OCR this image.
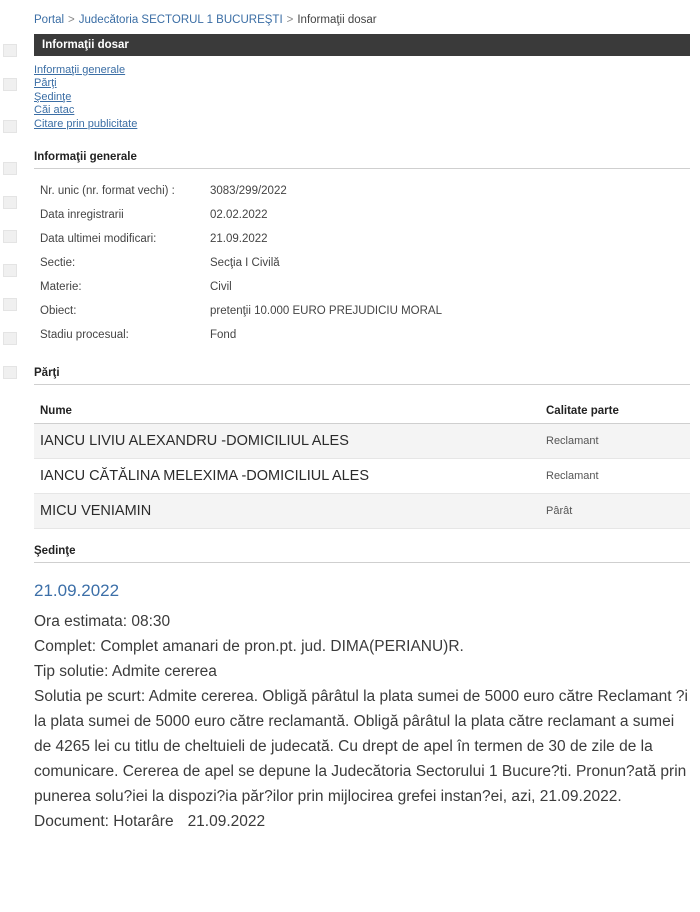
Portal > Judecătoria SECTORUL 1 BUCUREŞTI > Informaţii dosar
Informaţii dosar
Informaţii generale
Părţi
Şedinţe
Căi atac
Citare prin publicitate
Informaţii generale
Nr. unic (nr. format vechi) :	3083/299/2022
Data inregistrarii	02.02.2022
Data ultimei modificari:	21.09.2022
Sectie:	Secţia I Civilă
Materie:	Civil
Obiect:	pretenţii 10.000 EURO PREJUDICIU MORAL
Stadiu procesual:	Fond
Părţi
Nume	Calitate parte
IANCU LIVIU ALEXANDRU -DOMICILIUL ALES	Reclamant
IANCU CĂTĂLINA MELEXIMA -DOMICILIUL ALES	Reclamant
MICU VENIAMIN	Pârât
Şedinţe
21.09.2022
Ora estimata: 08:30
Complet: Complet amanari de pron.pt. jud. DIMA(PERIANU)R.
Tip solutie: Admite cererea
Solutia pe scurt: Admite cererea. Obligă pârâtul la plata sumei de 5000 euro către Reclamant ?i la plata sumei de 5000 euro către reclamantă. Obligă pârâtul la plata către reclamant a sumei de 4265 lei cu titlu de cheltuieli de judecată. Cu drept de apel în termen de 30 de zile de la comunicare. Cererea de apel se depune la Judecătoria Sectorului 1 Bucure?ti. Pronun?ată prin punerea solu?iei la dispozi?ia păr?ilor prin mijlocirea grefei instan?ei, azi, 21.09.2022.
Document: Hotarâre 21.09.2022
